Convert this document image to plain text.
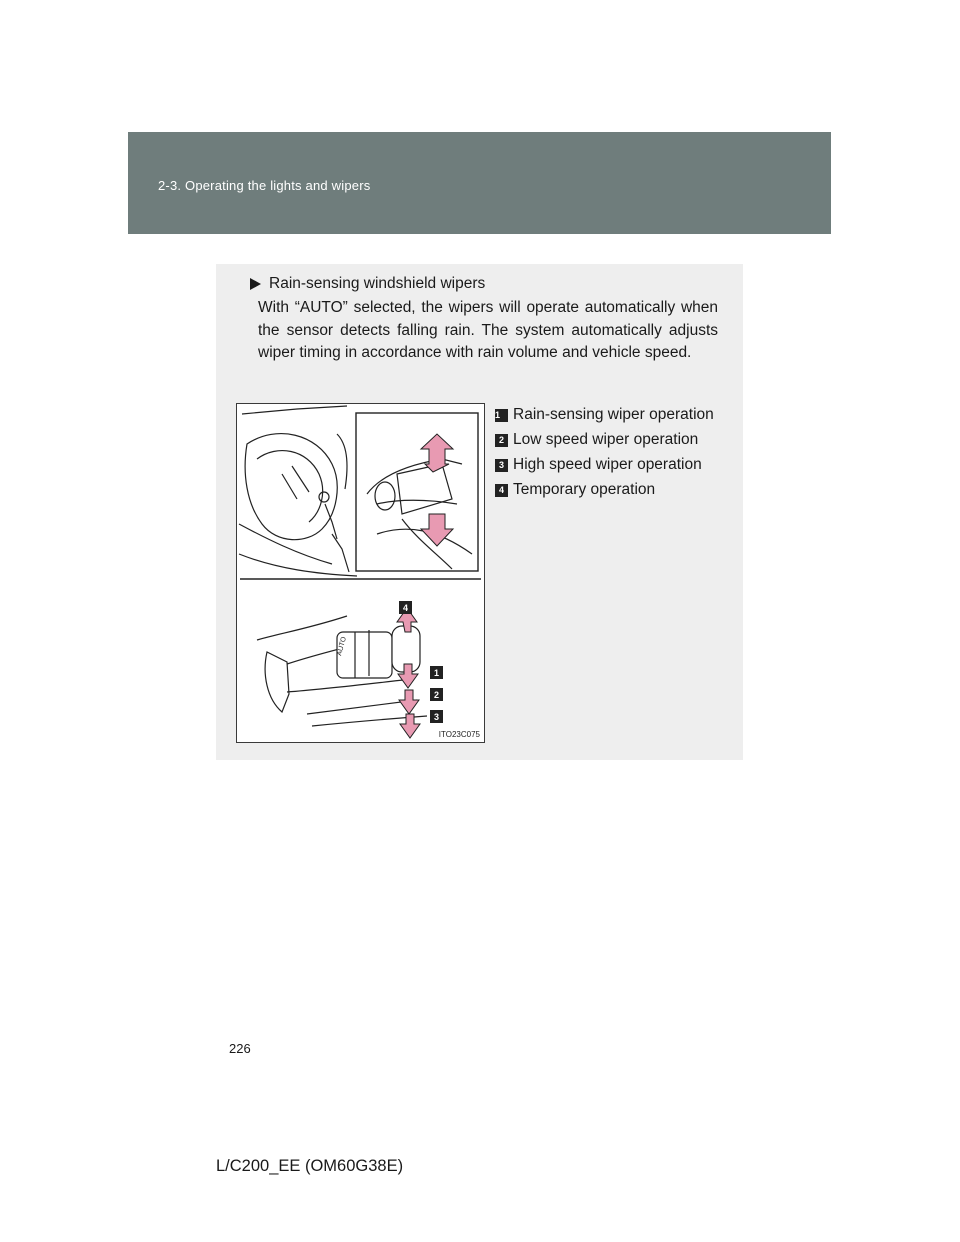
2-3. Operating the lights and wipers
Rain-sensing windshield wipers
With “AUTO” selected, the wipers will operate automatically when the sensor detects falling rain. The system automatically adjusts wiper timing in accordance with rain volume and vehicle speed.
AUTO
4
1
2
3
ITO23C075
1 Rain-sensing wiper operation
2 Low speed wiper operation
3 High speed wiper operation
4 Temporary operation
226
L/C200_EE (OM60G38E)
